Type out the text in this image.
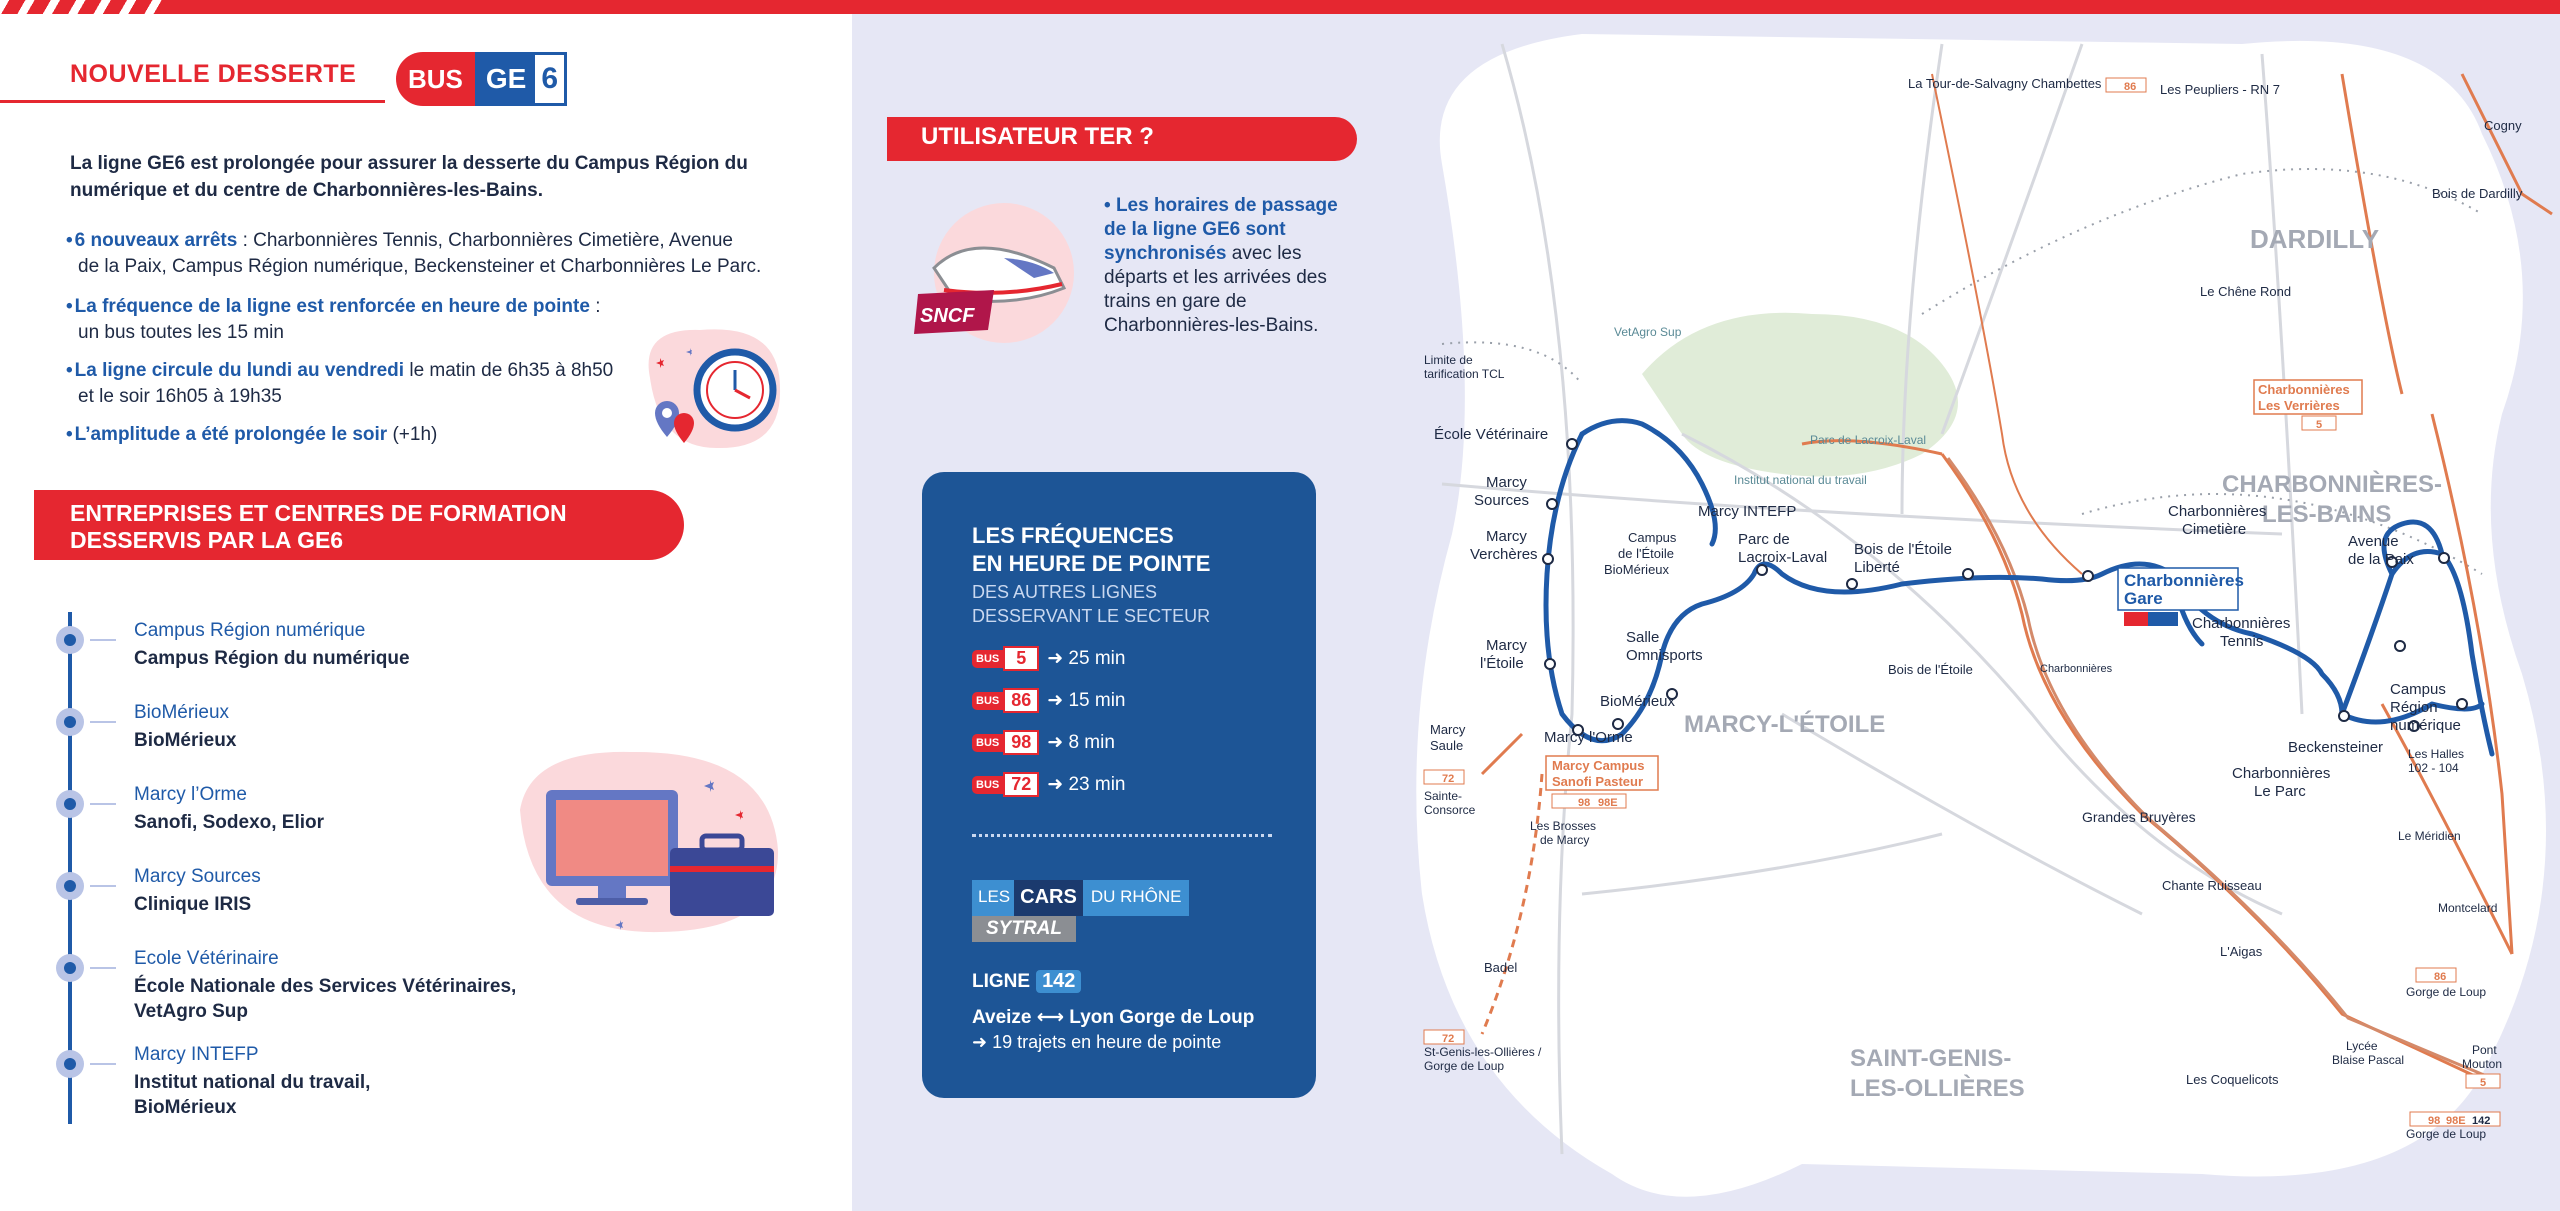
NOUVELLE DESSERTE	BUS GE 6
La ligne GE6 est prolongée pour assurer la desserte du Campus Région du numérique et du centre de Charbonnières-les-Bains.
• 6 nouveaux arrêts : Charbonnières Tennis, Charbonnières Cimetière, Avenue
de la Paix, Campus Région numérique, Beckensteiner et Charbonnières Le Parc.
• La fréquence de la ligne est renforcée en heure de pointe :
un bus toutes les 15 min
• La ligne circule du lundi au vendredi le matin de 6h35 à 8h50
et le soir 16h05 à 19h35
• L’amplitude a été prolongée le soir (+1h)
ENTREPRISES ET CENTRES DE FORMATION
DESSERVIS PAR LA GE6
Campus Région numérique
Campus Région du numérique
BioMérieux
BioMérieux
Marcy l’Orme
Sanofi, Sodexo, Elior
Marcy Sources
Clinique IRIS
Ecole Vétérinaire
École Nationale des Services Vétérinaires,
VetAgro Sup
Marcy INTEFP
Institut national du travail,
BioMérieux
UTILISATEUR TER ?
SNCF
• Les horaires de passage de la ligne GE6 sont synchronisés avec les départs et les arrivées des trains en gare de Charbonnières-les-Bains.
LES FRÉQUENCES
EN HEURE DE POINTE
DES AUTRES LIGNES
DESSERVANT LE SECTEUR
BUS 5	➜ 25 min
BUS 86 ➜ 15 min
BUS 98 ➜ 8 min
BUS 72 ➜ 23 min
LES CARS DU RHÔNE
SYTRAL
LIGNE 142
Aveize ⟷ Lyon Gorge de Loup
➜ 19 trajets en heure de pointe
DARDILLY
CHARBONNIÈRES-
LES-BAINS
MARCY-L'ÉTOILE
SAINT-GENIS-
LES-OLLIÈRES
École Vétérinaire
Marcy
Sources
Marcy
Verchères
Marcy
l'Étoile
Marcy l'Orme
BioMérieux
Salle
Omnisports
Marcy INTEFP
Parc de
Lacroix-Laval Bois de l'Étoile
Liberté
Charbonnières
Gare
Charbonnières
Cimetière
Avenue
de la Paix
Charbonnières
Tennis
Campus
Région
numérique
Beckensteiner
Charbonnières
Le Parc
La Tour-de-Salvagny Chambettes	Les Peupliers - RN 7
Cogny
Bois de Dardilly
Le Chêne Rond
Charbonnières
Les Verrières
Limite de
tarification TCL
VetAgro Sup
Parc de Lacroix-Laval
Institut national du travail
Campus
de l'Étoile
BioMérieux
Bois de l'Étoile
Marcy
Saule
Sainte-
Consorce
Marcy Campus
Sanofi Pasteur
Les Brosses
de Marcy
Grandes Bruyères
Chante Ruisseau
L'Aigas
Badel
St-Genis-les-Ollières /
Gorge de Loup
Les Coquelicots
Les Halles
102 - 104
Le Méridien
Montcelard
Gorge de Loup
Pont
Mouton
Gorge de Loup
Lycée
Blaise Pascal
Charbonnières
86
5
72
98 98E
72
86
5
98 98E 142
